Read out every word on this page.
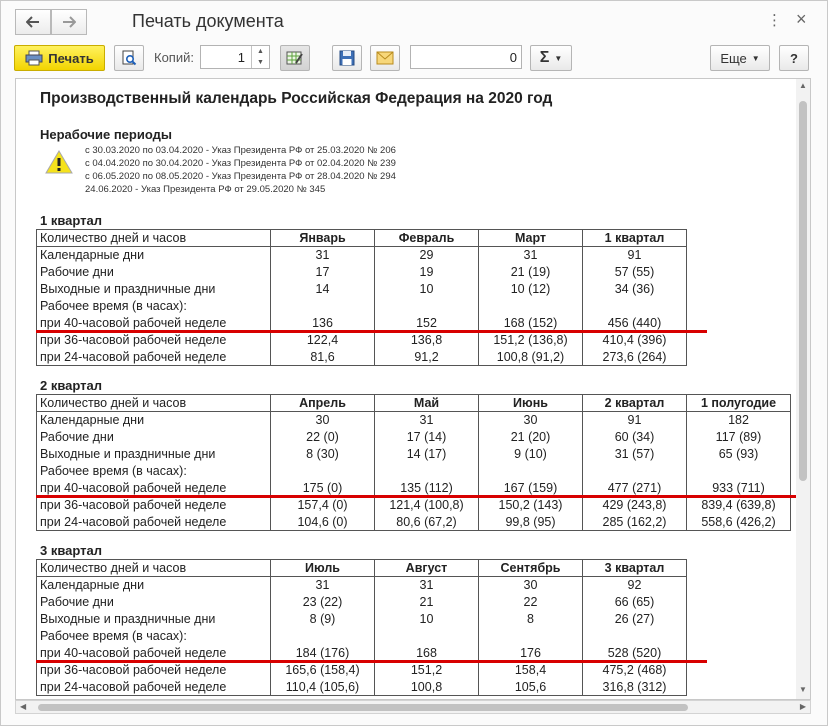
Печать документа	⋮ ×
Печать	Копий:	1	▲
▼	0 Σ ▼	Еще ▼ ?
Производственный календарь Российская Федерация на 2020 год
Нерабочие периоды
с 30.03.2020 по 03.04.2020 - Указ Президента РФ от 25.03.2020 № 206
с 04.04.2020 по 30.04.2020 - Указ Президента РФ от 02.04.2020 № 239
с 06.05.2020 по 08.05.2020 - Указ Президента РФ от 28.04.2020 № 294
24.06.2020 - Указ Президента РФ от 29.05.2020 № 345
1 квартал
Количество дней и часов	Январь	Февраль	Март	1 квартал
Календарные дни	31	29	31	91
Рабочие дни	17	19	21 (19)	57 (55)
Выходные и праздничные дни	14	10	10 (12)	34 (36)
Рабочее время (в часах):				
при 40-часовой рабочей неделе	136	152	168 (152)	456 (440)
при 36-часовой рабочей неделе	122,4	136,8	151,2 (136,8)	410,4 (396)
при 24-часовой рабочей неделе	81,6	91,2	100,8 (91,2)	273,6 (264)
2 квартал
Количество дней и часов	Апрель	Май	Июнь	2 квартал	1 полугодие
Календарные дни	30	31	30	91	182
Рабочие дни	22 (0)	17 (14)	21 (20)	60 (34)	117 (89)
Выходные и праздничные дни	8 (30)	14 (17)	9 (10)	31 (57)	65 (93)
Рабочее время (в часах):					
при 40-часовой рабочей неделе	175 (0)	135 (112)	167 (159)	477 (271)	933 (711)
при 36-часовой рабочей неделе	157,4 (0)	121,4 (100,8)	150,2 (143)	429 (243,8)	839,4 (639,8)
при 24-часовой рабочей неделе	104,6 (0)	80,6 (67,2)	99,8 (95)	285 (162,2)	558,6 (426,2)
3 квартал
Количество дней и часов	Июль	Август	Сентябрь	3 квартал
Календарные дни	31	31	30	92
Рабочие дни	23 (22)	21	22	66 (65)
Выходные и праздничные дни	8 (9)	10	8	26 (27)
Рабочее время (в часах):				
при 40-часовой рабочей неделе	184 (176)	168	176	528 (520)
при 36-часовой рабочей неделе	165,6 (158,4)	151,2	158,4	475,2 (468)
при 24-часовой рабочей неделе	110,4 (105,6)	100,8	105,6	316,8 (312)
▲
▼
◀	▶
